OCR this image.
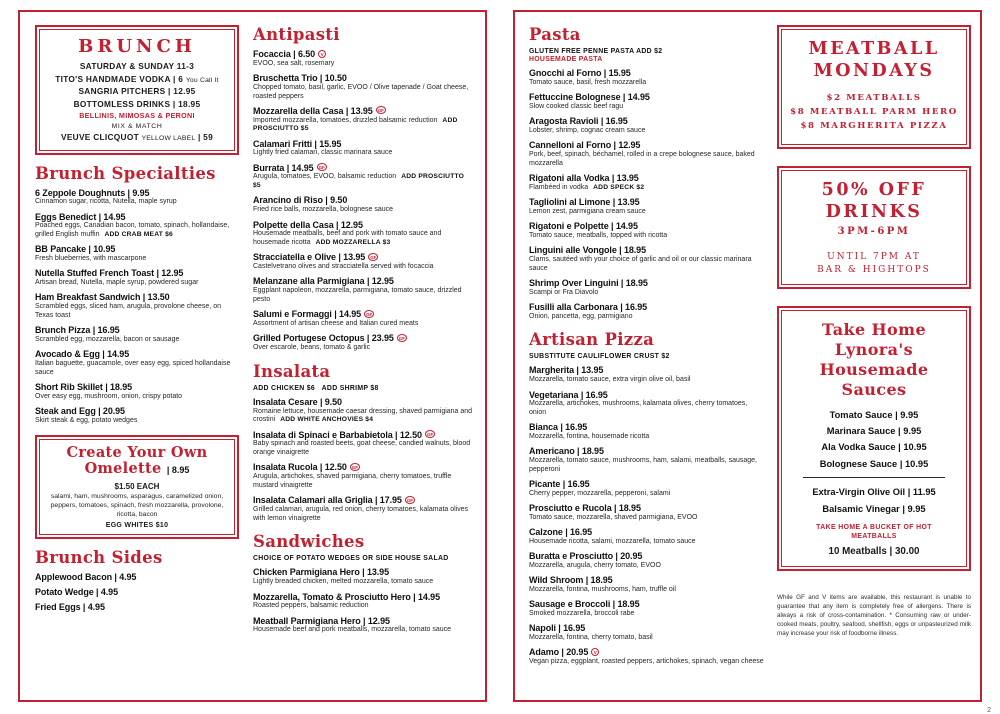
BRUNCH
SATURDAY & SUNDAY 11-3
TITO'S HANDMADE VODKA | 6 You Call It
SANGRIA PITCHERS | 12.95
BOTTOMLESS DRINKS | 18.95
BELLINIS, MIMOSAS & PERONI
MIX & MATCH
VEUVE CLICQUOT YELLOW LABEL | 59
Brunch Specialties
6 Zeppole Doughnuts | 9.95
Cinnamon sugar, ricotta, Nutella, maple syrup
Eggs Benedict | 14.95
Poached eggs, Canadian bacon, tomato, spinach, hollandaise, grilled English muffin ADD CRAB MEAT $6
BB Pancake | 10.95
Fresh blueberries, with mascarpone
Nutella Stuffed French Toast | 12.95
Artisan bread, Nutella, maple syrup, powdered sugar
Ham Breakfast Sandwich | 13.50
Scrambled eggs, sliced ham, arugula, provolone cheese, on Texas toast
Brunch Pizza | 16.95
Scrambled egg, mozzarella, bacon or sausage
Avocado & Egg | 14.95
Italian baguette, guacamole, over easy egg, spiced hollandaise sauce
Short Rib Skillet | 18.95
Over easy egg, mushroom, onion, crispy potato
Steak and Egg | 20.95
Skirt steak & egg, potato wedges
Create Your Own Omelette | 8.95
$1.50 EACH
salami, ham, mushrooms, asparagus, caramelized onion, peppers, tomatoes, spinach, fresh mozzarella, provolone, ricotta, bacon
EGG WHITES $10
Brunch Sides
Applewood Bacon | 4.95
Potato Wedge | 4.95
Fried Eggs | 4.95
Antipasti
Focaccia | 6.50 V
EVOO, sea salt, rosemary
Bruschetta Trio | 10.50
Chopped tomato, basil, garlic, EVOO / Olive tapenade / Goat cheese, roasted peppers
Mozzarella della Casa | 13.95 GF
Imported mozzarella, tomatoes, drizzled balsamic reduction ADD PROSCIUTTO $5
Calamari Fritti | 15.95
Lightly fried calamari, classic marinara sauce
Burrata | 14.95 GF
Arugula, tomatoes, EVOO, balsamic reduction ADD PROSCIUTTO $5
Arancino di Riso | 9.50
Fried rice balls, mozzarella, bolognese sauce
Polpette della Casa | 12.95
Housemade meatballs, beef and pork with tomato sauce and housemade ricotta ADD MOZZARELLA $3
Stracciatella e Olive | 13.95 GF
Castelvetrano olives and stracciatella served with focaccia
Melanzane alla Parmigiana | 12.95
Eggplant napoleon, mozzarella, parmigiana, tomato sauce, drizzled pesto
Salumi e Formaggi | 14.95 GF
Assortment of artisan cheese and Italian cured meats
Grilled Portugese Octopus | 23.95 GF
Over escarole, beans, tomato & garlic
Insalata
ADD CHICKEN $6   ADD SHRIMP $8
Insalata Cesare | 9.50
Romaine lettuce, housemade caesar dressing, shaved parmigiana and crostini ADD WHITE ANCHOVIES $4
Insalata di Spinaci e Barbabietola | 12.50 GF
Baby spinach and roasted beets, goat cheese, candied walnuts, blood orange vinaigrette
Insalata Rucola | 12.50 GF
Arugula, artichokes, shaved parmigiana, cherry tomatoes, truffle mustard vinaigrette
Insalata Calamari alla Griglia | 17.95 GF
Grilled calamari, arugula, red onion, cherry tomatoes, kalamata olives with lemon vinaigrette
Sandwiches
CHOICE OF POTATO WEDGES OR SIDE HOUSE SALAD
Chicken Parmigiana Hero | 13.95
Lightly breaded chicken, melted mozzarella, tomato sauce
Mozzarella, Tomato & Prosciutto Hero | 14.95
Roasted peppers, balsamic reduction
Meatball Parmigiana Hero | 12.95
Housemade beef and pork meatballs, mozzarella, tomato sauce
Pasta
GLUTEN FREE PENNE PASTA ADD $2
HOUSEMADE PASTA
Gnocchi al Forno | 15.95
Tomato sauce, basil, fresh mozzarella
Fettuccine Bolognese | 14.95
Slow cooked classic beef ragu
Aragosta Ravioli | 16.95
Lobster, shrimp, cognac cream sauce
Cannelloni al Forno | 12.95
Pork, beef, spinach, béchamel, rolled in a crepe bolognese sauce, baked mozzarella
Rigatoni alla Vodka | 13.95
Flambéed in vodka ADD SPECK $2
Tagliolini al Limone | 13.95
Lemon zest, parmigiana cream sauce
Rigatoni e Polpette | 14.95
Tomato sauce, meatballs, topped with ricotta
Linguini alle Vongole | 18.95
Clams, sautéed with your choice of garlic and oil or our classic marinara sauce
Shrimp Over Linguini | 18.95
Scampi or Fra Diavolo
Fusilli alla Carbonara | 16.95
Onion, pancetta, egg, parmigiano
Artisan Pizza
SUBSTITUTE CAULIFLOWER CRUST $2
Margherita | 13.95
Mozzarella, tomato sauce, extra virgin olive oil, basil
Vegetariana | 16.95
Mozzarella, artichokes, mushrooms, kalamata olives, cherry tomatoes, onion
Bianca | 16.95
Mozzarella, fontina, housemade ricotta
Americano | 18.95
Mozzarella, tomato sauce, mushrooms, ham, salami, meatballs, sausage, pepperoni
Picante | 16.95
Cherry pepper, mozzarella, pepperoni, salami
Prosciutto e Rucola | 18.95
Tomato sauce, mozzarella, shaved parmigiana, EVOO
Calzone | 16.95
Housemade ricotta, salami, mozzarella, tomato sauce
Buratta e Prosciutto | 20.95
Mozzarella, arugula, cherry tomato, EVOO
Wild Shroom | 18.95
Mozzarella, fontina, mushrooms, ham, truffle oil
Sausage e Broccoli | 18.95
Smoked mozzarella, broccoli rabe
Napoli | 16.95
Mozzarella, fontina, cherry tomato, basil
Adamo | 20.95 V
Vegan pizza, eggplant, roasted peppers, artichokes, spinach, vegan cheese
MEATBALL
MONDAYS
$2 MEATBALLS
$8 MEATBALL PARM HERO
$8 MARGHERITA PIZZA
50% OFF
DRINKS
3PM-6PM
UNTIL 7PM AT
BAR & HIGHTOPS
Take Home
Lynora's
Housemade
Sauces
Tomato Sauce | 9.95
Marinara Sauce | 9.95
Ala Vodka Sauce | 10.95
Bolognese Sauce | 10.95
Extra-Virgin Olive Oil | 11.95
Balsamic Vinegar | 9.95
TAKE HOME A BUCKET OF HOT MEATBALLS
10 Meatballs | 30.00
While GF and V items are available, this restaurant is unable to guarantee that any item is completely free of allergens. There is always a risk of cross-contamination. * Consuming raw or under-cooked meats, poultry, seafood, shellfish, eggs or unpasteurized milk may increase your risk of foodborne illness.
2
